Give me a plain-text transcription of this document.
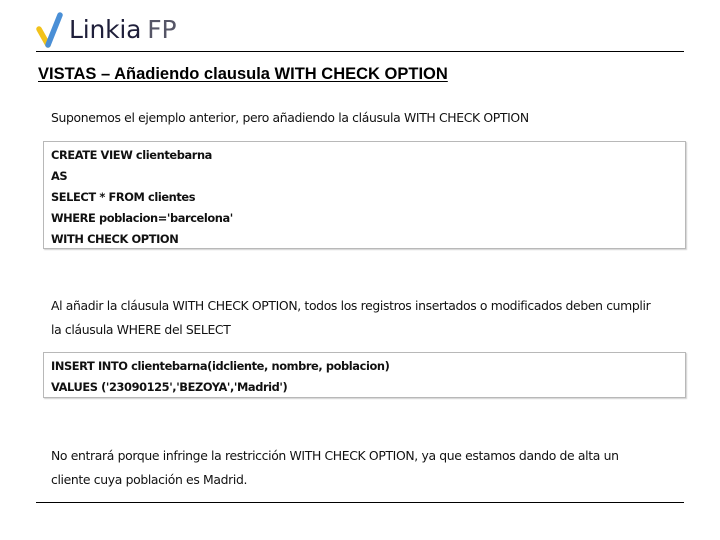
Linkia FP
VISTAS – Añadiendo clausula WITH CHECK OPTION
Suponemos el ejemplo anterior, pero añadiendo la cláusula WITH CHECK OPTION
CREATE VIEW clientebarna
AS
SELECT * FROM clientes
WHERE poblacion='barcelona'
WITH CHECK OPTION
Al añadir la cláusula WITH CHECK OPTION, todos los registros insertados o modificados deben cumplir la cláusula WHERE del SELECT
INSERT INTO clientebarna(idcliente, nombre, poblacion)
VALUES ('23090125','BEZOYA','Madrid')
No entrará porque infringe la restricción WITH CHECK OPTION, ya que estamos dando de alta un cliente cuya población es Madrid.
